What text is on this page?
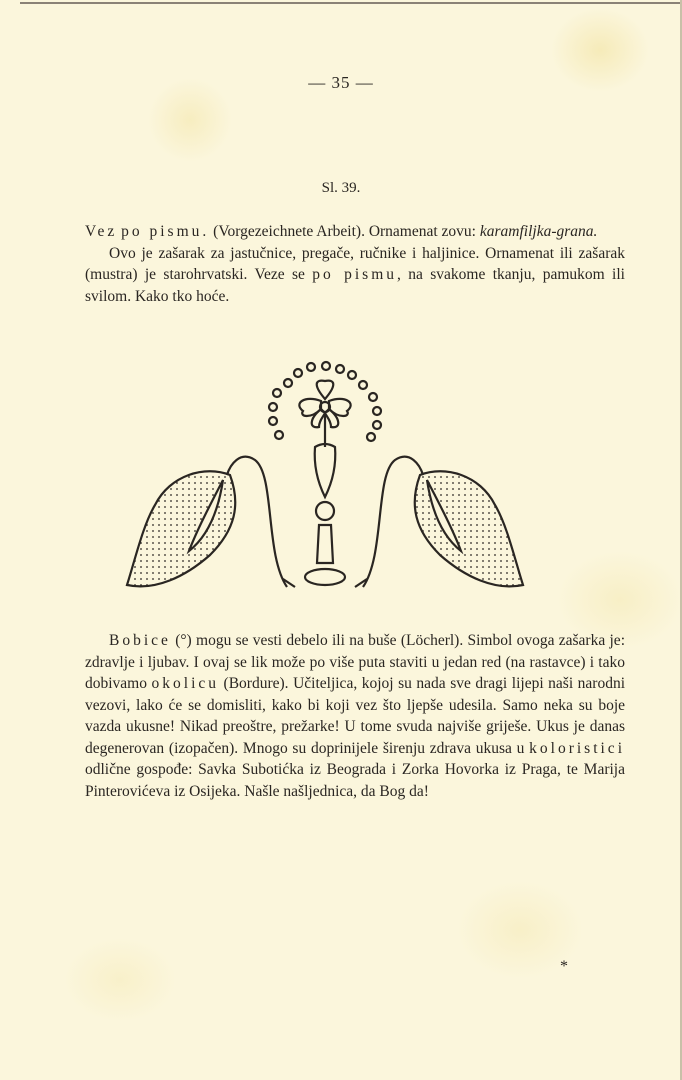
— 35 —
Sl. 39.

Vez po pismu. (Vorgezeichnete Arbeit). Ornamenat zovu: karamfiljka-grana.

Ovo je zašarak za jastučnice, pregače, ručnike i haljinice. Ornamenat ili zašarak (mustra) je starohrvatski. Veze se po pismu, na svakome tkanju, pamukom ili svilom. Kako tko hoće.

Bobice (°) mogu se vesti debelo ili na buše (Löcherl). Simbol ovoga zašarka je: zdravlje i ljubav. I ovaj se lik može po više puta staviti u jedan red (na rastavce) i tako dobivamo okolicu (Bordure). Učiteljica, kojoj su nada sve dragi lijepi naši narodni vezovi, lako će se domisliti, kako bi koji vez što ljepše udesila. Samo neka su boje vazda ukusne! Nikad preoštre, prežarke! U tome svuda najviše griješe. Ukus je danas degenerovan (izopačen). Mnogo su doprinijele širenju zdrava ukusa u koloristici odlične gospođe: Savka Subotićka iz Beograda i Zorka Hovorka iz Praga, te Marija Pinterovićeva iz Osijeka. Našle našljednica, da Bog da!

*
